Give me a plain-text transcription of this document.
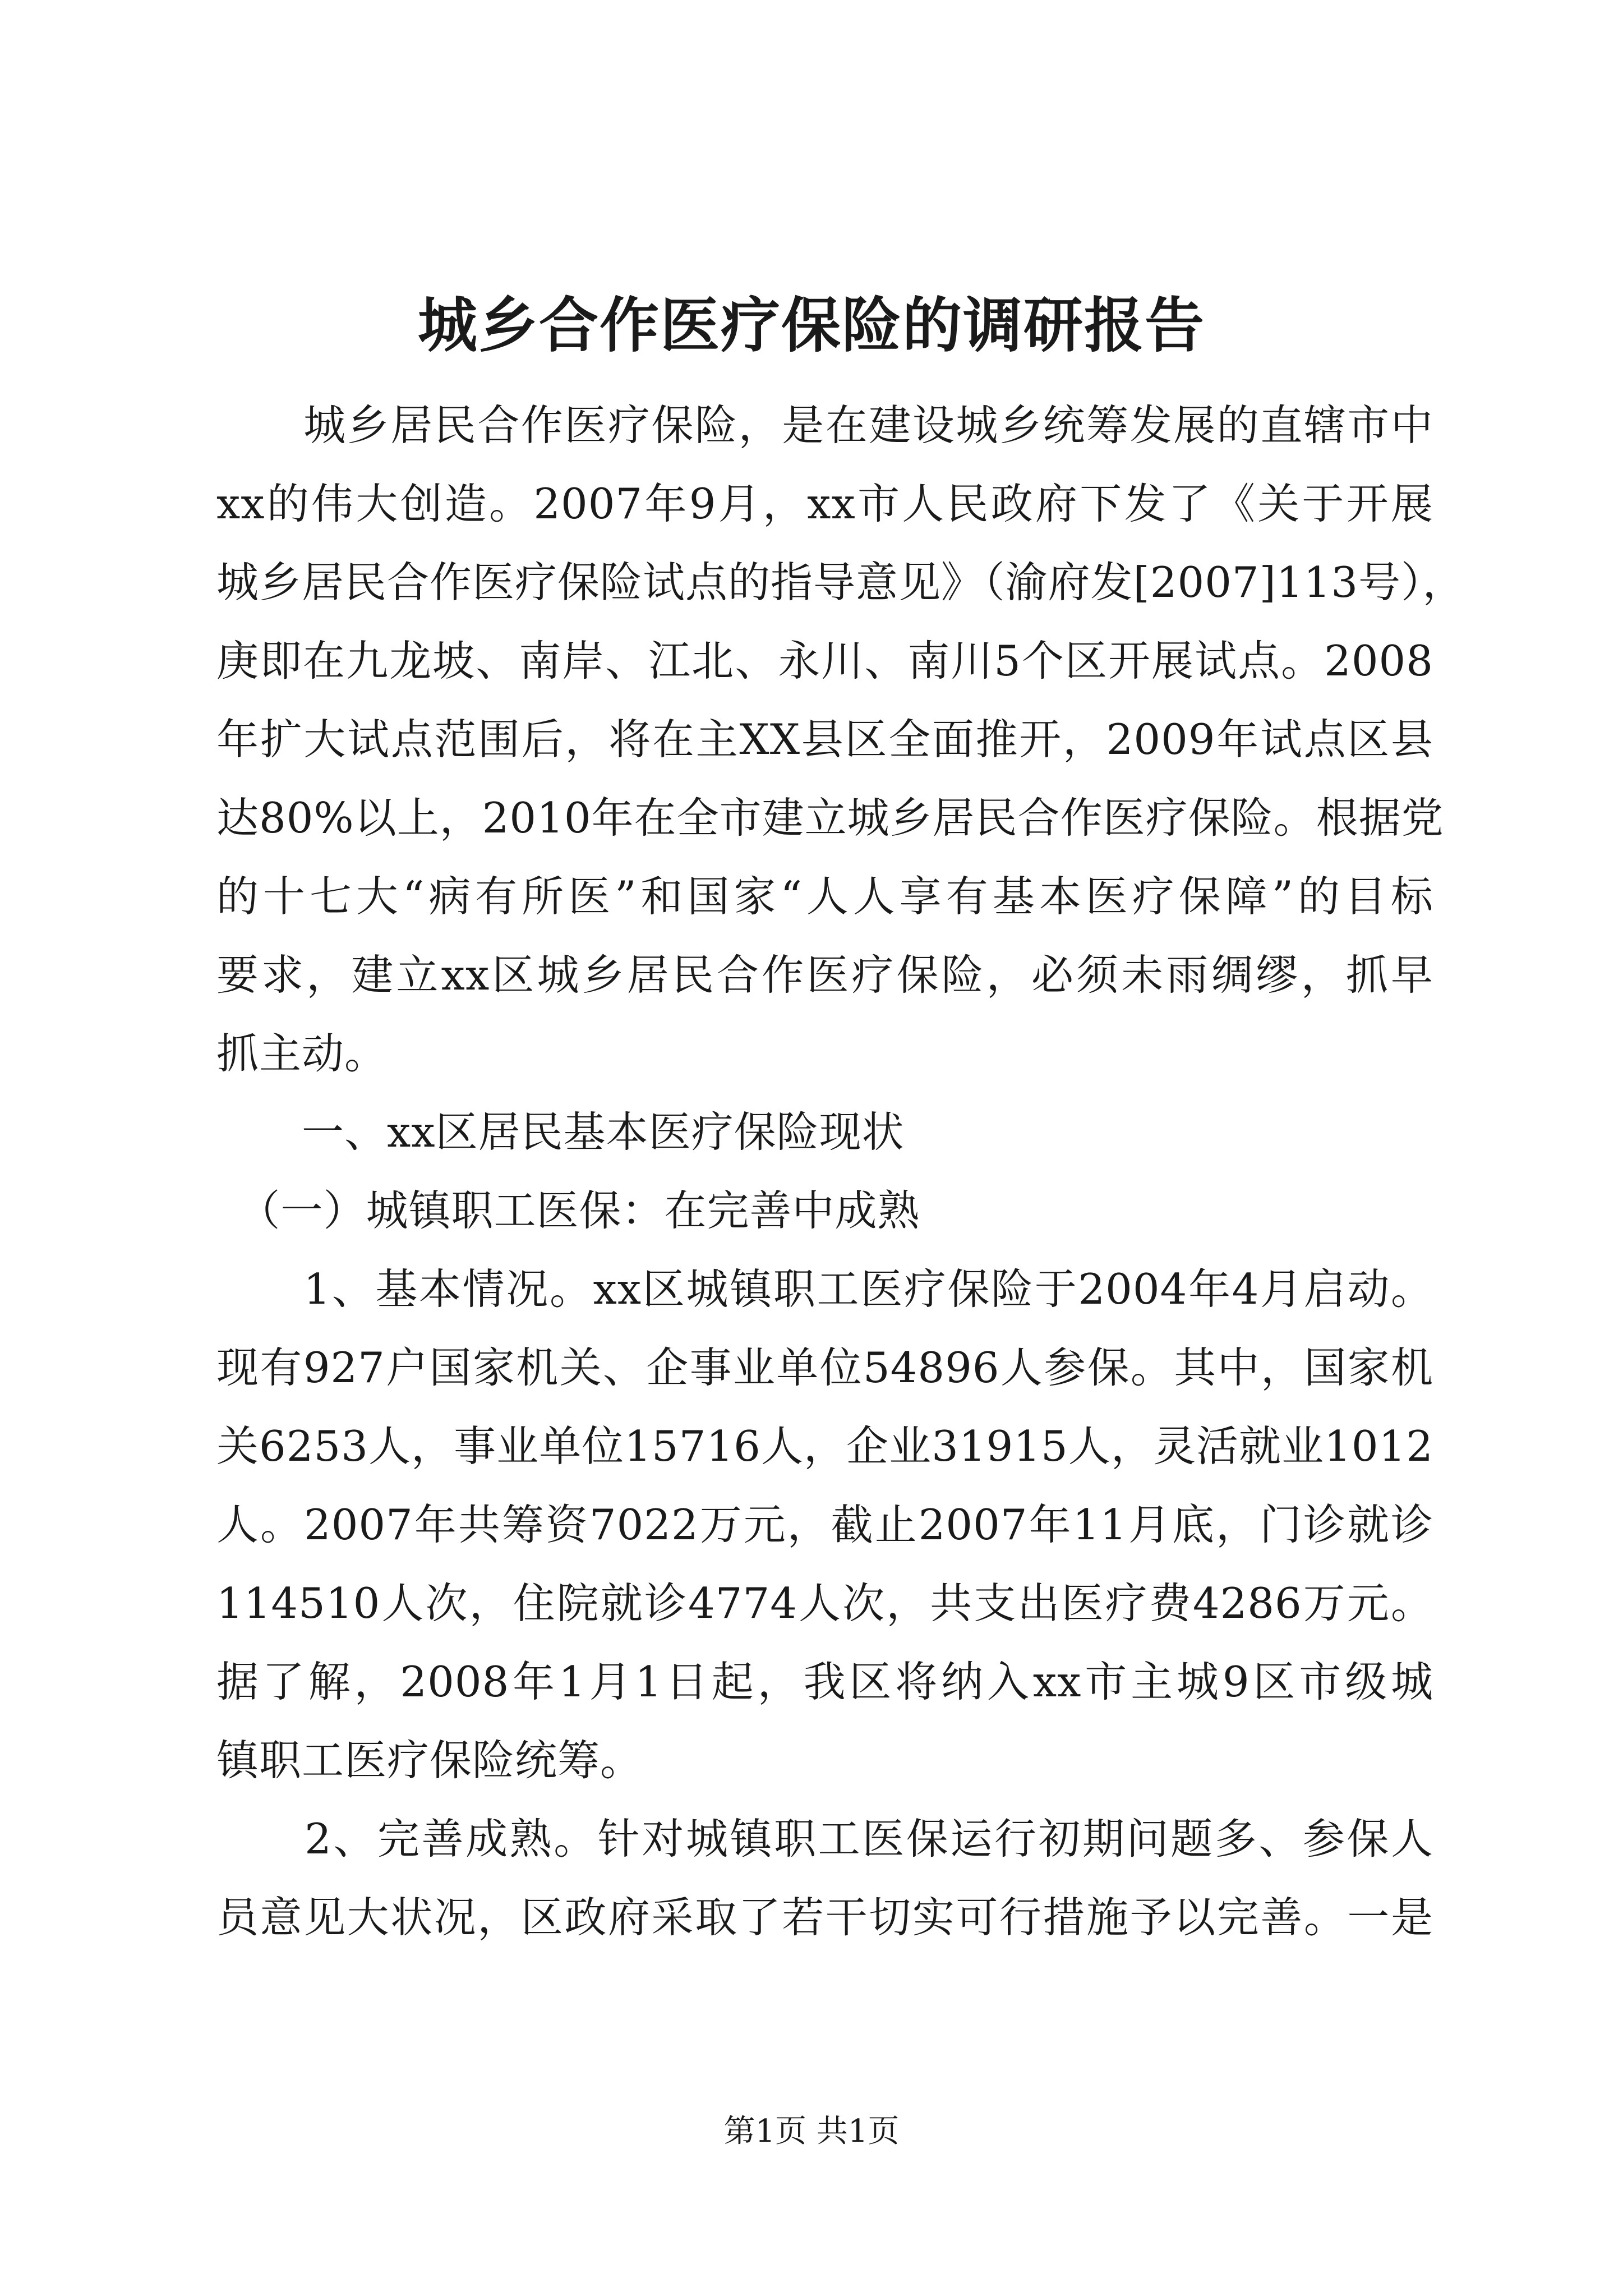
城乡合作医疗保险的调研报告
　　城乡居民合作医疗保险，是在建设城乡统筹发展的直辖市中
xx的伟大创造。2007年9月，xx市人民政府下发了《关于开展
城乡居民合作医疗保险试点的指导意见》（渝府发[2007]113号），
庚即在九龙坡、南岸、江北、永川、南川5个区开展试点。2008
年扩大试点范围后，将在主XX县区全面推开，2009年试点区县
达80%以上，2010年在全市建立城乡居民合作医疗保险。根据党
的十七大“病有所医”和国家“人人享有基本医疗保障”的目标
要求，建立xx区城乡居民合作医疗保险，必须未雨绸缪，抓早
抓主动。
　　一、xx区居民基本医疗保险现状
　（一）城镇职工医保：在完善中成熟
　　1、基本情况。xx区城镇职工医疗保险于2004年4月启动。
现有927户国家机关、企事业单位54896人参保。其中，国家机
关6253人，事业单位15716人，企业31915人，灵活就业1012
人。2007年共筹资7022万元，截止2007年11月底，门诊就诊
114510人次，住院就诊4774人次，共支出医疗费4286万元。
据了解，2008年1月1日起，我区将纳入xx市主城9区市级城
镇职工医疗保险统筹。
　　2、完善成熟。针对城镇职工医保运行初期问题多、参保人
员意见大状况，区政府采取了若干切实可行措施予以完善。一是
第1页 共1页
